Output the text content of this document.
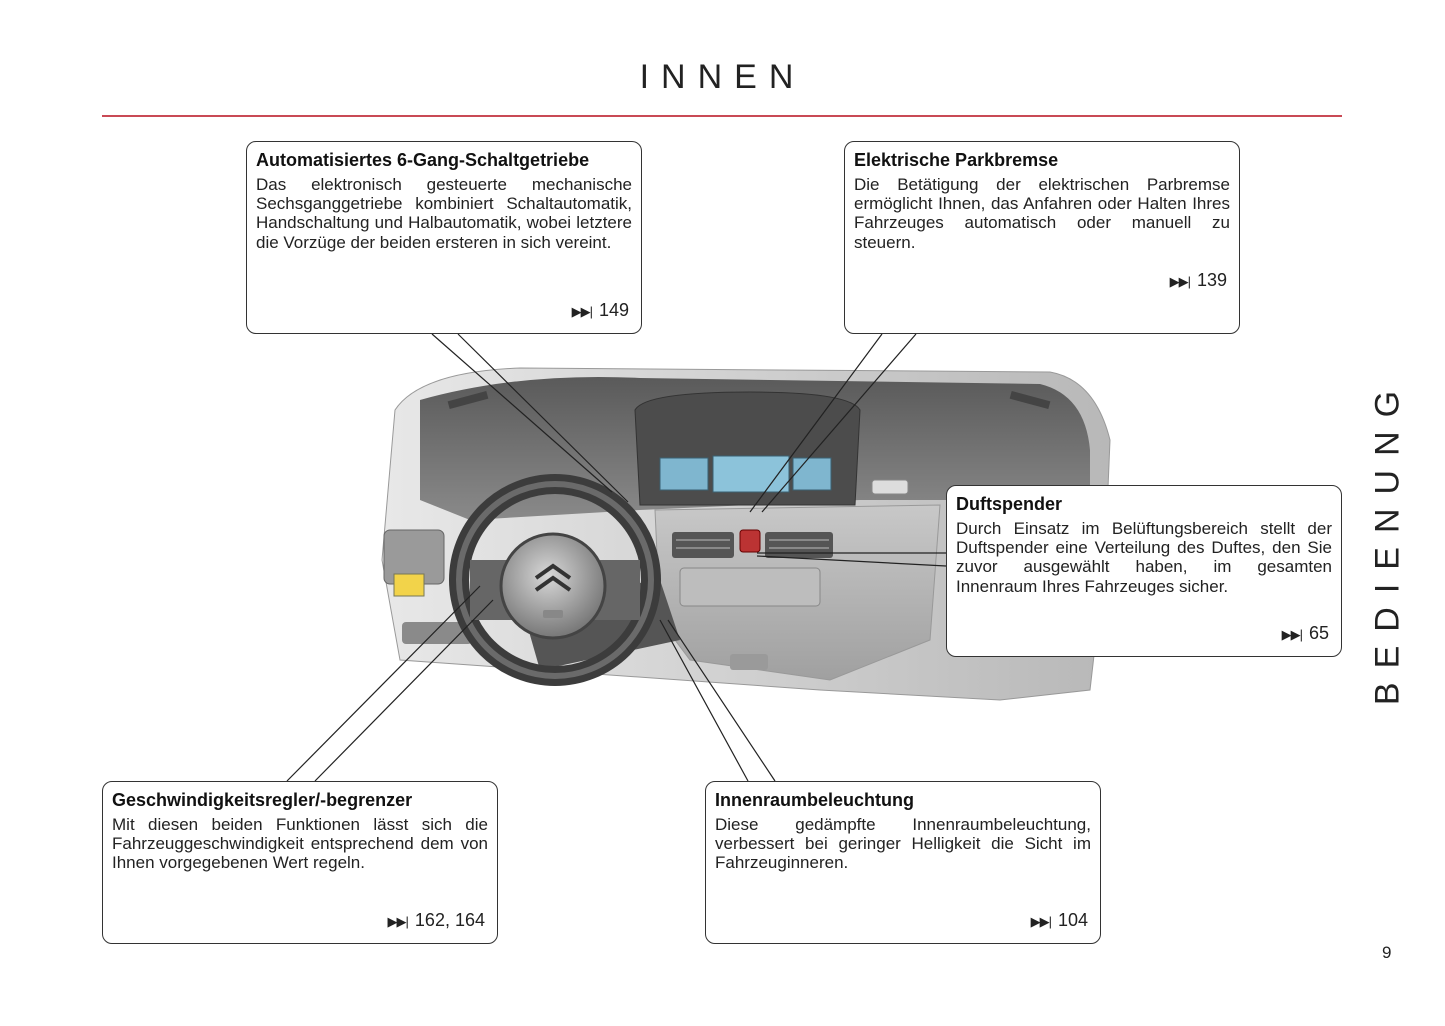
INNEN
Automatisiertes 6-Gang-Schaltgetriebe

Das elektronisch gesteuerte mechanische Sechsganggetriebe kombiniert Schaltautomatik, Handschaltung und Halbautomatik, wobei letztere die Vorzüge der beiden ersteren in sich vereint.

▶▶| 149
Elektrische Parkbremse

Die Betätigung der elektrischen Parbremse ermöglicht Ihnen, das Anfahren oder Halten Ihres Fahrzeuges automatisch oder manuell zu steuern.

▶▶| 139
Duftspender

Durch Einsatz im Belüftungsbereich stellt der Duftspender eine Verteilung des Duftes, den Sie zuvor ausgewählt haben, im gesamten Innenraum Ihres Fahrzeuges sicher.

▶▶| 65
Geschwindigkeitsregler/-begrenzer

Mit diesen beiden Funktionen lässt sich die Fahrzeuggeschwindigkeit entsprechend dem von Ihnen vorgegebenen Wert regeln.

▶▶| 162, 164
Innenraumbeleuchtung

Diese gedämpfte Innenraumbeleuchtung, verbessert bei geringer Helligkeit die Sicht im Fahrzeuginneren.

▶▶| 104
BEDIENUNG
9
